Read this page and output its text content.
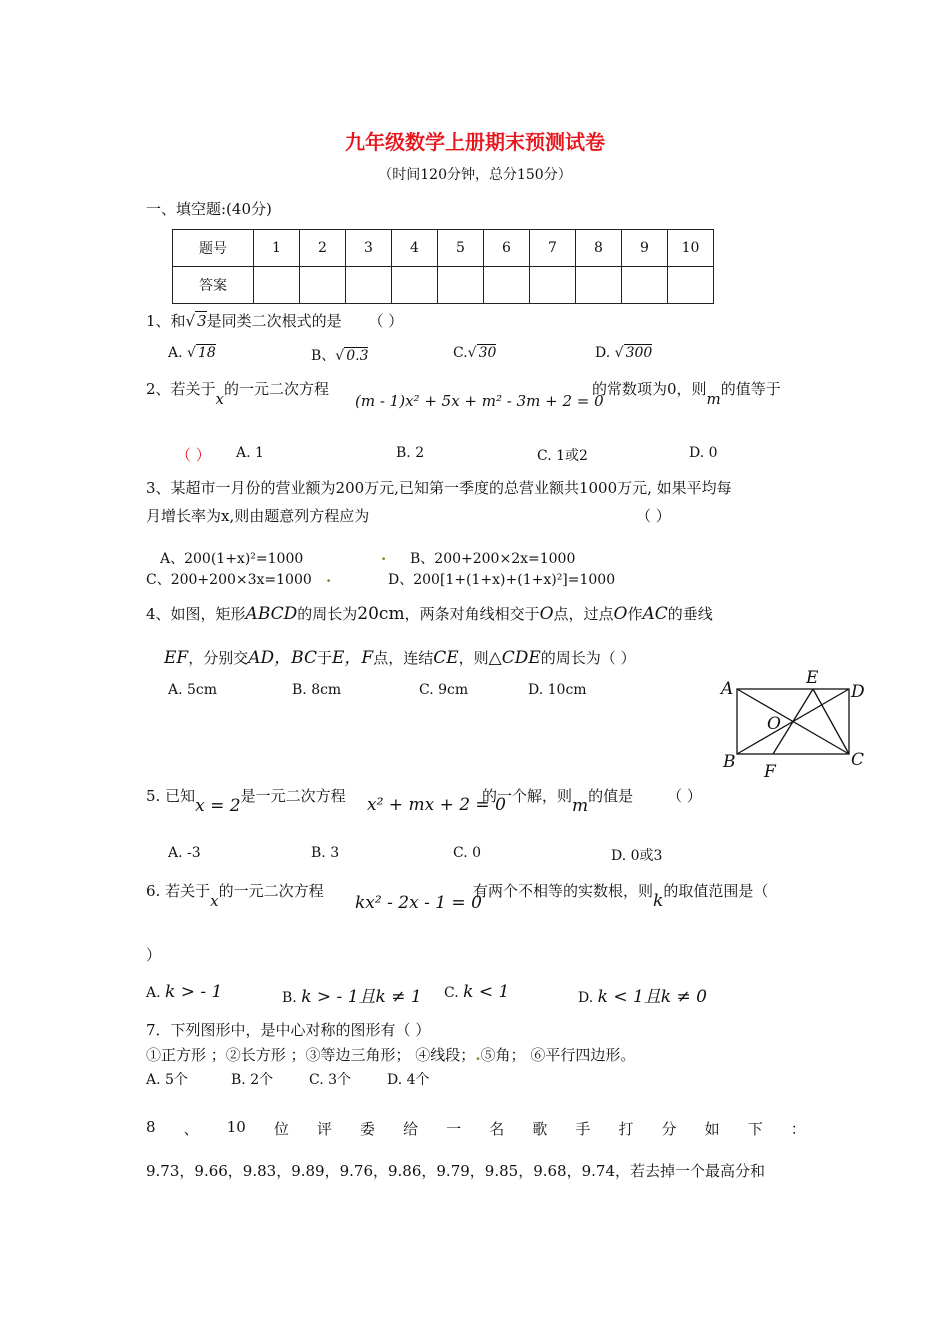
九年级数学上册期末预测试卷
（时间120分钟，总分150分）
一、填空题:(40分)
题号	1	2	3	4	5	6	7	8	9	10
答案										
1、和√ 3是同类二次根式的是 （ ）
A. √ 18	B、√ 0.3	C.√ 30	D. √ 300
2、若关于x的一元二次方程
(m - 1)x² + 5x + m² - 3m + 2 = 0
的常数项为0，则m的值等于
（ ） A. 1	B. 2	C. 1或2	D. 0
3、某超市一月份的营业额为200万元,已知第一季度的总营业额共1000万元, 如果平均每
月增长率为x,则由题意列方程应为	（ ）
A、200(1+x)²=1000	. B、200+200×2x=1000
C、200+200×3x=1000 .	D、200[1+(1+x)+(1+x)²]=1000
4、如图，矩形ABCD的周长为20cm，两条对角线相交于O点，过点O作AC的垂线
EF，分别交AD，BC于E，F点，连结CE，则△CDE的周长为（ ）
A. 5cm	B. 8cm	C. 9cm	D. 10cm	A
E
D
O
B	C
F
5. 已知x = 2是一元二次方程 x² + mx + 2 = 0
的一个解，则m的值是 （ ）
A. -3	B. 3	C. 0	D. 0或3
6. 若关于x的一元二次方程
kx² - 2x - 1 = 0
有两个不相等的实数根，则k的取值范围是（
）
A. k > - 1	B. k > - 1且k ≠ 1 C. k < 1	D. k < 1且k ≠ 0
7．下列图形中，是中心对称的图形有（ ）
①正方形 ；②长方形 ；③等边三角形； ④线段；.⑤角； ⑥平行四边形。
A. 5个	B. 2个	C. 3个	D. 4个
8 、 10 位 评 委 给 一 名 歌 手 打 分 如 下 ：
9.73，9.66，9.83，9.89，9.76，9.86，9.79，9.85，9.68，9.74，若去掉一个最高分和
